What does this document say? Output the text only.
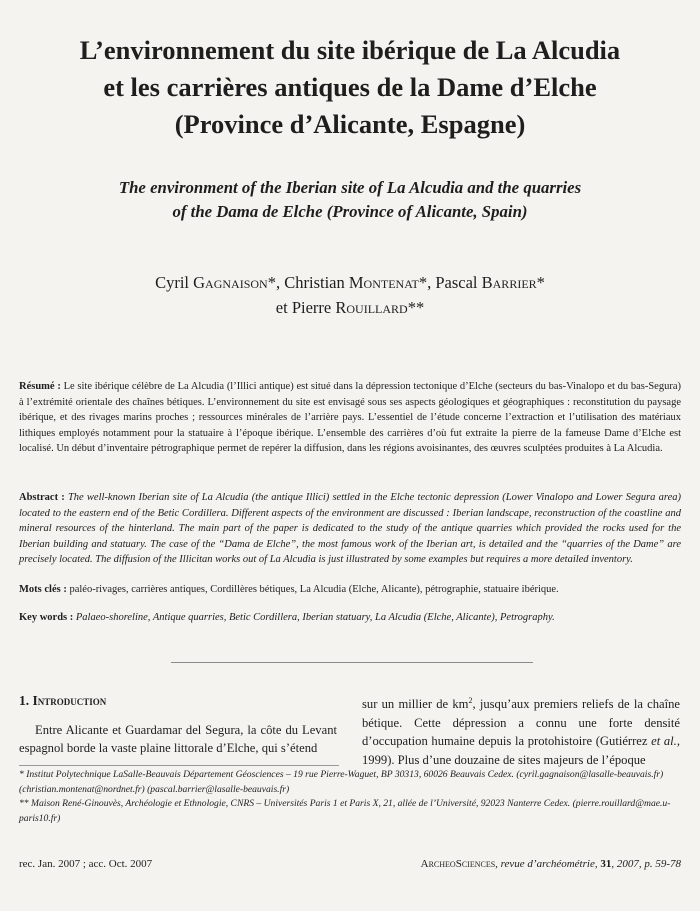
L’environnement du site ibérique de La Alcudia
et les carrières antiques de la Dame d’Elche
(Province d’Alicante, Espagne)
The environment of the Iberian site of La Alcudia and the quarries
of the Dama de Elche (Province of Alicante, Spain)
Cyril Gagnaison*, Christian Montenat*, Pascal Barrier*
et Pierre Rouillard**
Résumé : Le site ibérique célèbre de La Alcudia (l’Illici antique) est situé dans la dépression tectonique d’Elche (secteurs du bas-Vinalopo et du bas-Segura) à l’extrémité orientale des chaînes bétiques. L’environnement du site est envisagé sous ses aspects géologiques et géographiques : reconstitution du paysage ibérique, et des rivages marins proches ; ressources minérales de l’arrière pays. L’essentiel de l’étude concerne l’extraction et l’utilisation des matériaux lithiques employés notamment pour la statuaire à l’époque ibérique. L’ensemble des carrières d’où fut extraite la pierre de la fameuse Dame d’Elche est localisé. Un début d’inventaire pétrographique permet de repérer la diffusion, dans les régions avoisinantes, des œuvres sculptées produites à La Alcudia.
Abstract : The well-known Iberian site of La Alcudia (the antique Illici) settled in the Elche tectonic depression (Lower Vinalopo and Lower Segura area) located to the eastern end of the Betic Cordillera. Different aspects of the environment are discussed : Iberian landscape, reconstruction of the coastline and mineral resources of the hinterland. The main part of the paper is dedicated to the study of the antique quarries which provided the rocks used for the Iberian building and statuary. The case of the “Dama de Elche”, the most famous work of the Iberian art, is detailed and the “quarries of the Dame” are precisely located. The diffusion of the Illicitan works out of La Alcudia is just illustrated by some examples but requires a more detailed inventory.
Mots clés : paléo-rivages, carrières antiques, Cordillères bétiques, La Alcudia (Elche, Alicante), pétrographie, statuaire ibérique.
Key words : Palaeo-shoreline, Antique quarries, Betic Cordillera, Iberian statuary, La Alcudia (Elche, Alicante), Petrography.
1. Introduction

Entre Alicante et Guardamar del Segura, la côte du Levant espagnol borde la vaste plaine littorale d’Elche, qui s’étend

sur un millier de $km^2$, jusqu’aux premiers reliefs de la chaîne bétique. Cette dépression a connu une forte densité d’occupation humaine depuis la protohistoire (Gutiérrez et al., 1999). Plus d’une douzaine de sites majeurs de l’époque

* Institut Polytechnique LaSalle-Beauvais Département Géosciences – 19 rue Pierre-Waguet, BP 30313, 60026 Beauvais Cedex. (cyril.gagnaison@lasalle-beauvais.fr) (christian.montenat@nordnet.fr) (pascal.barrier@lasalle-beauvais.fr)

** Maison René-Ginouvès, Archéologie et Ethnologie, CNRS – Universités Paris 1 et Paris X, 21, allée de l’Université, 92023 Nanterre Cedex. (pierre.rouillard@mae.u-paris10.fr)

rec. Jan. 2007 ; acc. Oct. 2007	ArcheoSciences, revue d’archéométrie, 31, 2007, p. 59-78
